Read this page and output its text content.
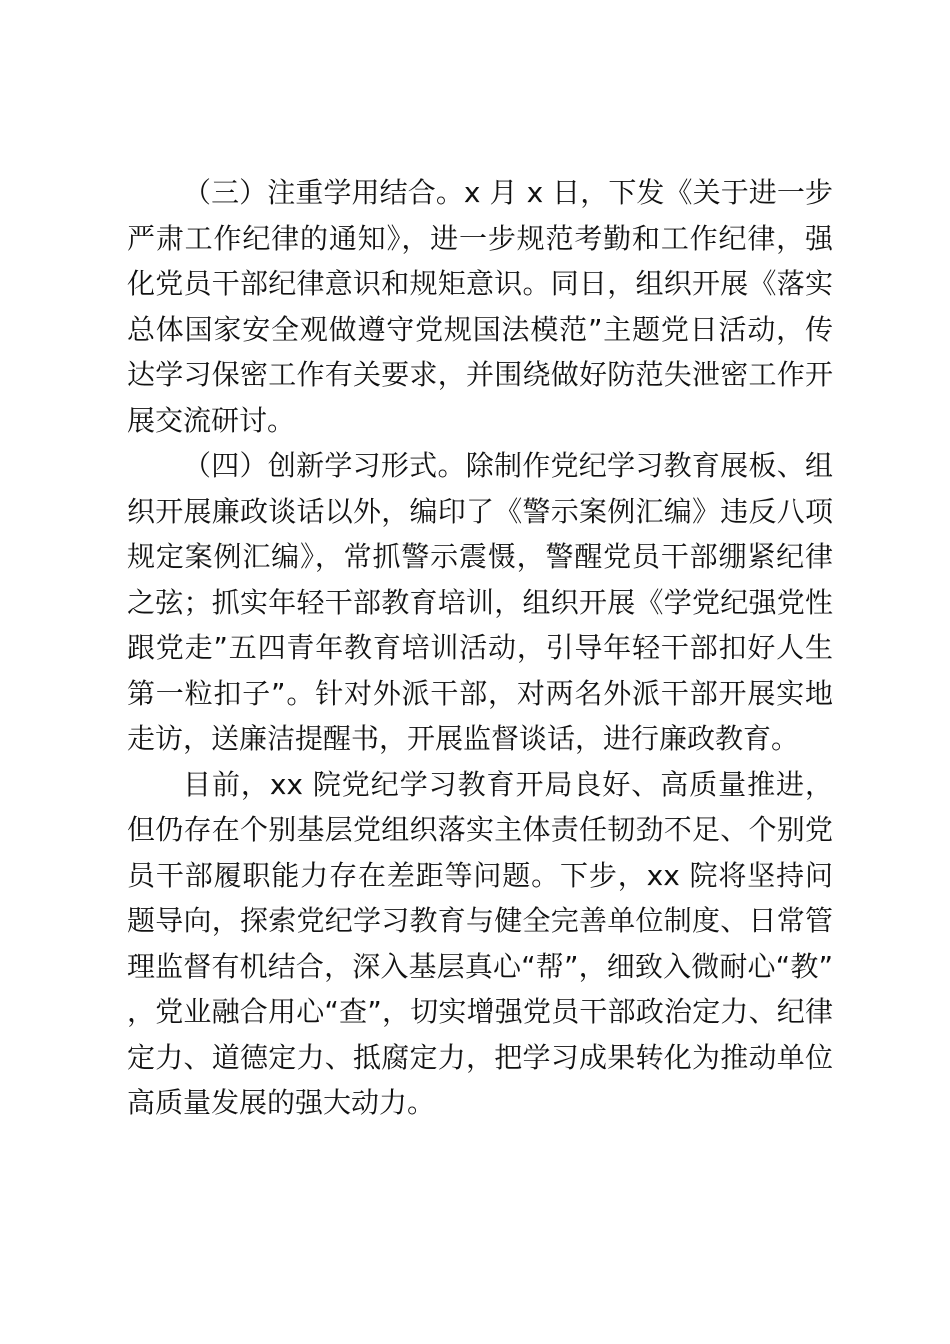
（三）注重学用结合。x 月 x 日，下发《关于进一步严肃工作纪律的通知》，进一步规范考勤和工作纪律，强化党员干部纪律意识和规矩意识。同日，组织开展《落实总体国家安全观做遵守党规国法模范”主题党日活动，传达学习保密工作有关要求，并围绕做好防范失泄密工作开展交流研讨。

（四）创新学习形式。除制作党纪学习教育展板、组织开展廉政谈话以外，编印了《警示案例汇编》违反八项规定案例汇编》，常抓警示震慑，警醒党员干部绷紧纪律之弦；抓实年轻干部教育培训，组织开展《学党纪强党性跟党走”五四青年教育培训活动，引导年轻干部扣好人生第一粒扣子”。针对外派干部，对两名外派干部开展实地走访，送廉洁提醒书，开展监督谈话，进行廉政教育。

目前，xx 院党纪学习教育开局良好、高质量推进，但仍存在个别基层党组织落实主体责任韧劲不足、个别党员干部履职能力存在差距等问题。下步，xx 院将坚持问题导向，探索党纪学习教育与健全完善单位制度、日常管理监督有机结合，深入基层真心“帮”，细致入微耐心“教”，党业融合用心“查”，切实增强党员干部政治定力、纪律定力、道德定力、抵腐定力，把学习成果转化为推动单位高质量发展的强大动力。
